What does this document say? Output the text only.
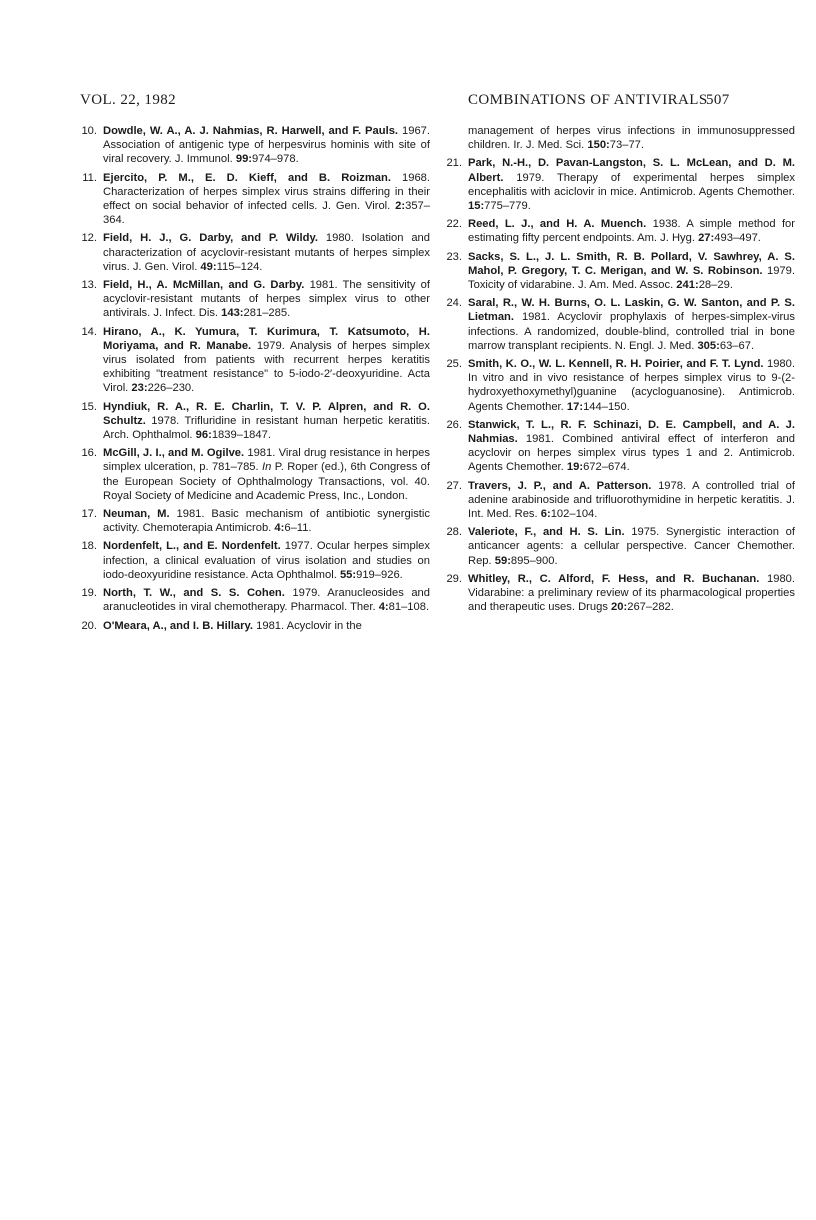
VOL. 22, 1982	COMBINATIONS OF ANTIVIRALS
507
10. Dowdle, W. A., A. J. Nahmias, R. Harwell, and F. Pauls. 1967. Association of antigenic type of herpesvirus hominis with site of viral recovery. J. Immunol. 99:974–978.
11. Ejercito, P. M., E. D. Kieff, and B. Roizman. 1968. Characterization of herpes simplex virus strains differing in their effect on social behavior of infected cells. J. Gen. Virol. 2:357–364.
12. Field, H. J., G. Darby, and P. Wildy. 1980. Isolation and characterization of acyclovir-resistant mutants of herpes simplex virus. J. Gen. Virol. 49:115–124.
13. Field, H., A. McMillan, and G. Darby. 1981. The sensitivity of acyclovir-resistant mutants of herpes simplex virus to other antivirals. J. Infect. Dis. 143:281–285.
14. Hirano, A., K. Yumura, T. Kurimura, T. Katsumoto, H. Moriyama, and R. Manabe. 1979. Analysis of herpes simplex virus isolated from patients with recurrent herpes keratitis exhibiting "treatment resistance" to 5-iodo-2′-deoxyuridine. Acta Virol. 23:226–230.
15. Hyndiuk, R. A., R. E. Charlin, T. V. P. Alpren, and R. O. Schultz. 1978. Trifluridine in resistant human herpetic keratitis. Arch. Ophthalmol. 96:1839–1847.
16. McGill, J. I., and M. Ogilve. 1981. Viral drug resistance in herpes simplex ulceration, p. 781–785. In P. Roper (ed.), 6th Congress of the European Society of Ophthalmology Transactions, vol. 40. Royal Society of Medicine and Academic Press, Inc., London.
17. Neuman, M. 1981. Basic mechanism of antibiotic synergistic activity. Chemoterapia Antimicrob. 4:6–11.
18. Nordenfelt, L., and E. Nordenfelt. 1977. Ocular herpes simplex infection, a clinical evaluation of virus isolation and studies on iodo-deoxyuridine resistance. Acta Ophthalmol. 55:919–926.
19. North, T. W., and S. S. Cohen. 1979. Aranucleosides and aranucleotides in viral chemotherapy. Pharmacol. Ther. 4:81–108.
20. O'Meara, A., and I. B. Hillary. 1981. Acyclovir in the
management of herpes virus infections in immunosuppressed children. Ir. J. Med. Sci. 150:73–77.
21. Park, N.-H., D. Pavan-Langston, S. L. McLean, and D. M. Albert. 1979. Therapy of experimental herpes simplex encephalitis with aciclovir in mice. Antimicrob. Agents Chemother. 15:775–779.
22. Reed, L. J., and H. A. Muench. 1938. A simple method for estimating fifty percent endpoints. Am. J. Hyg. 27:493–497.
23. Sacks, S. L., J. L. Smith, R. B. Pollard, V. Sawhrey, A. S. Mahol, P. Gregory, T. C. Merigan, and W. S. Robinson. 1979. Toxicity of vidarabine. J. Am. Med. Assoc. 241:28–29.
24. Saral, R., W. H. Burns, O. L. Laskin, G. W. Santon, and P. S. Lietman. 1981. Acyclovir prophylaxis of herpes-simplex-virus infections. A randomized, double-blind, controlled trial in bone marrow transplant recipients. N. Engl. J. Med. 305:63–67.
25. Smith, K. O., W. L. Kennell, R. H. Poirier, and F. T. Lynd. 1980. In vitro and in vivo resistance of herpes simplex virus to 9-(2-hydroxyethoxymethyl)guanine (acycloguanosine). Antimicrob. Agents Chemother. 17:144–150.
26. Stanwick, T. L., R. F. Schinazi, D. E. Campbell, and A. J. Nahmias. 1981. Combined antiviral effect of interferon and acyclovir on herpes simplex virus types 1 and 2. Antimicrob. Agents Chemother. 19:672–674.
27. Travers, J. P., and A. Patterson. 1978. A controlled trial of adenine arabinoside and trifluorothymidine in herpetic keratitis. J. Int. Med. Res. 6:102–104.
28. Valeriote, F., and H. S. Lin. 1975. Synergistic interaction of anticancer agents: a cellular perspective. Cancer Chemother. Rep. 59:895–900.
29. Whitley, R., C. Alford, F. Hess, and R. Buchanan. 1980. Vidarabine: a preliminary review of its pharmacological properties and therapeutic uses. Drugs 20:267–282.
